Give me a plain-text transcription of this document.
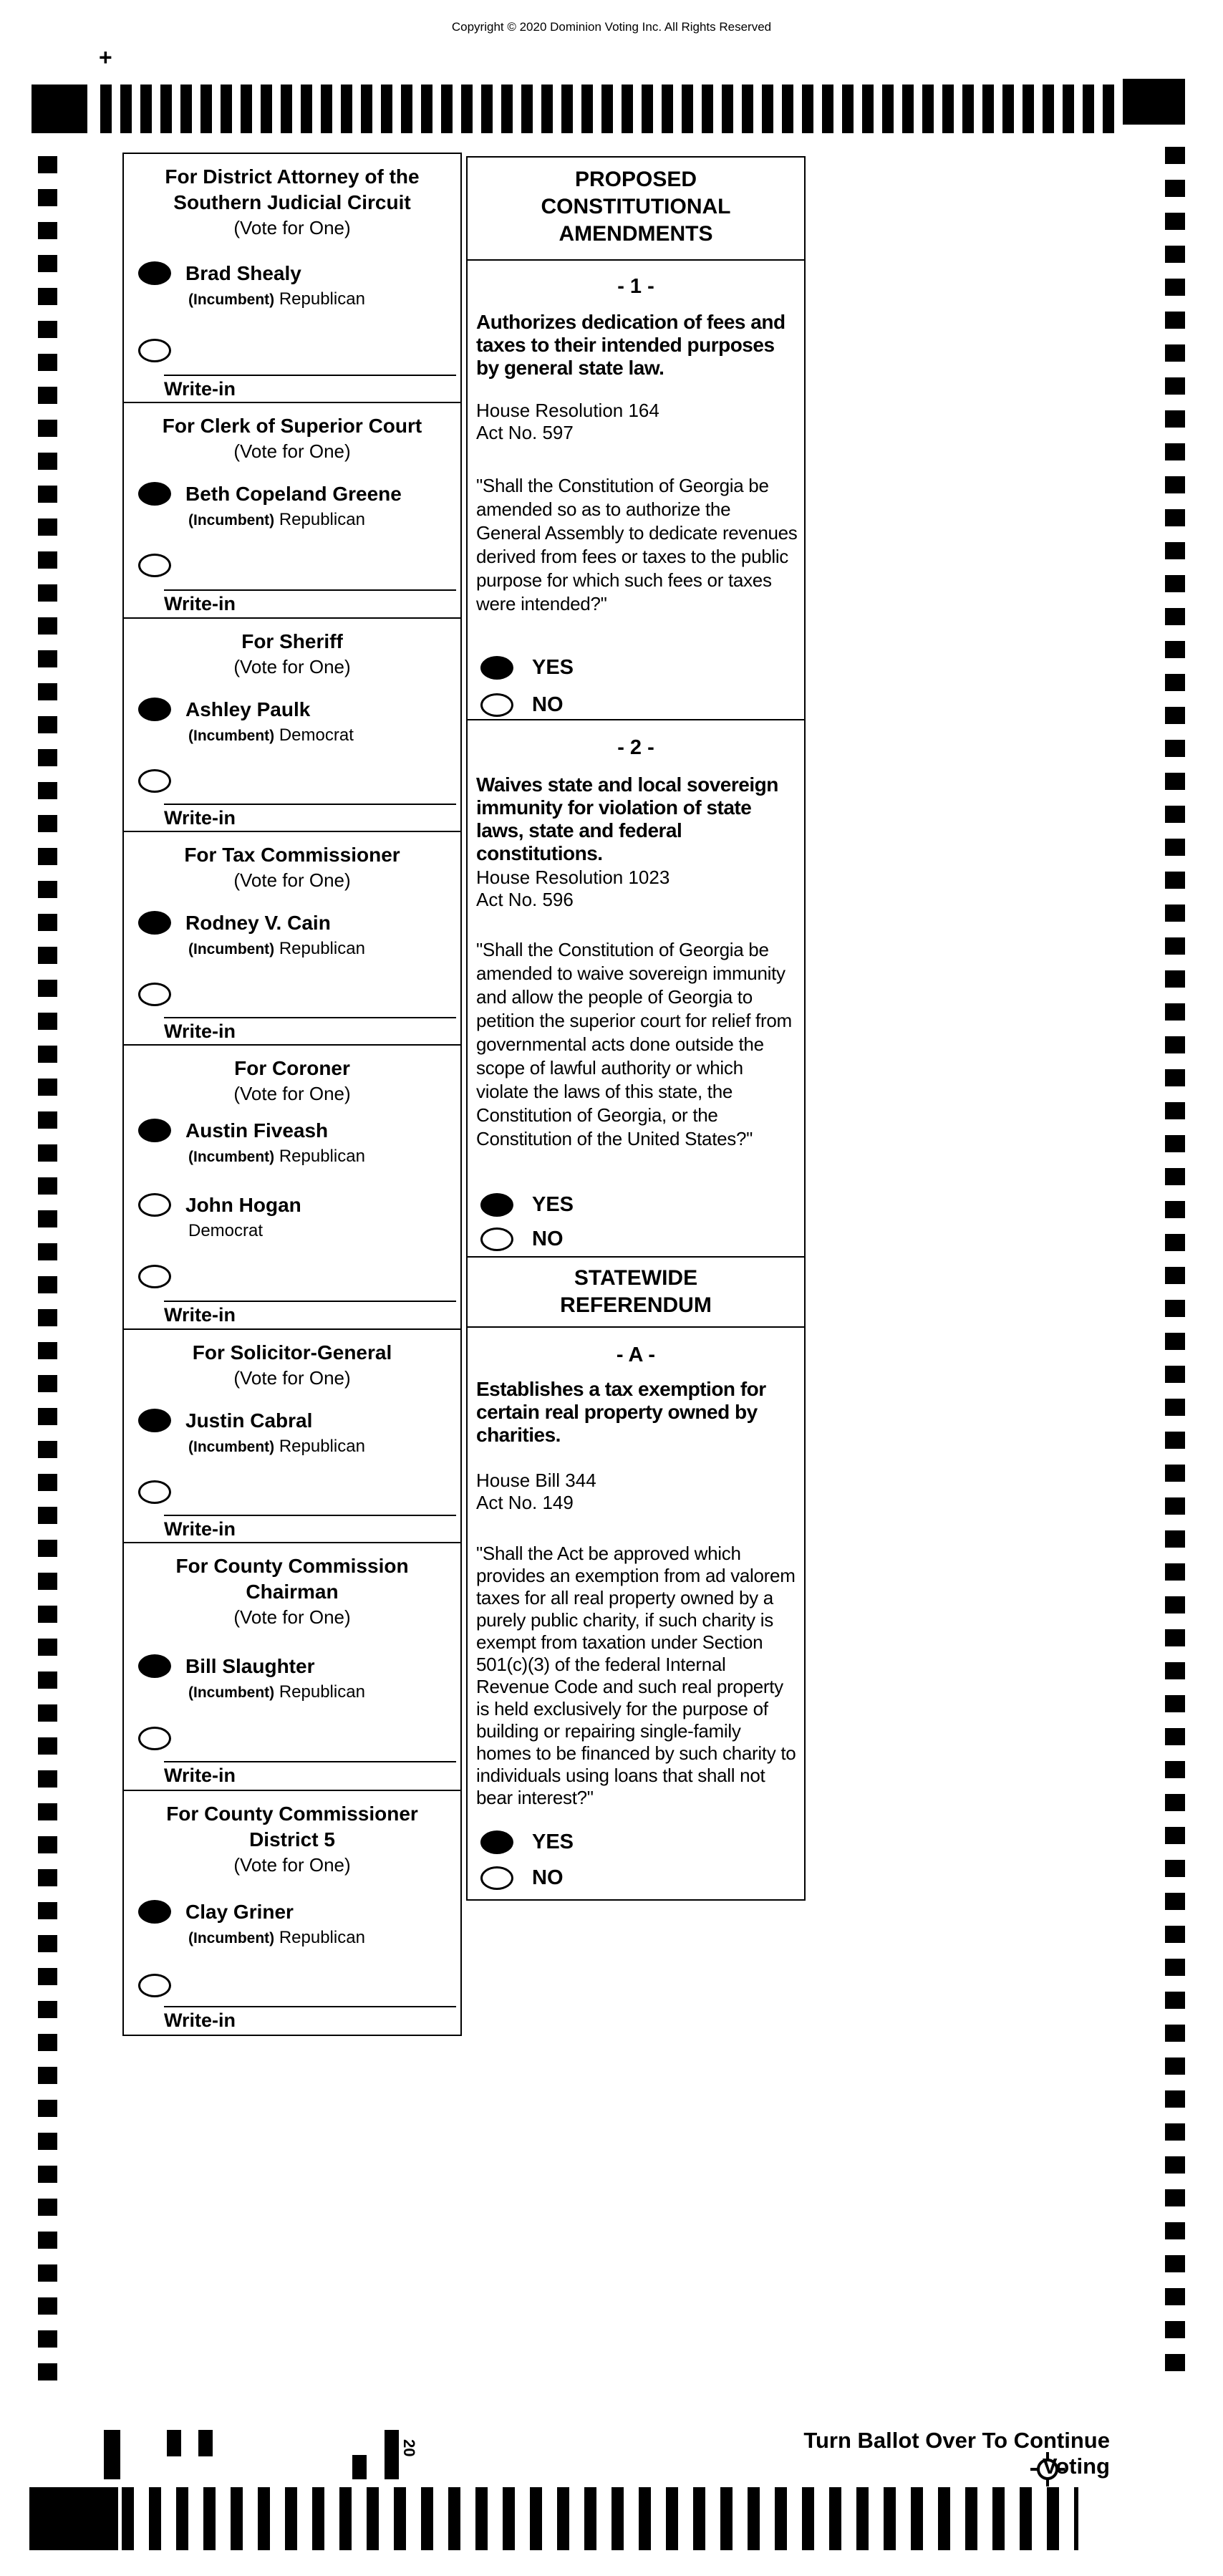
Copyright © 2020 Dominion Voting Inc. All Rights Reserved
+
For District Attorney of the
Southern Judicial Circuit
(Vote for One)
Brad Shealy
(Incumbent) Republican
Write-in
For Clerk of Superior Court
(Vote for One)
Beth Copeland Greene
(Incumbent) Republican
Write-in
For Sheriff
(Vote for One)
Ashley Paulk
(Incumbent) Democrat
Write-in
For Tax Commissioner
(Vote for One)
Rodney V. Cain
(Incumbent) Republican
Write-in
For Coroner
(Vote for One)
Austin Fiveash
(Incumbent) Republican
John Hogan
Democrat
Write-in
For Solicitor-General
(Vote for One)
Justin Cabral
(Incumbent) Republican
Write-in
For County Commission
Chairman
(Vote for One)
Bill Slaughter
(Incumbent) Republican
Write-in
For County Commissioner
District 5
(Vote for One)
Clay Griner
(Incumbent) Republican
Write-in
PROPOSED
CONSTITUTIONAL
AMENDMENTS
- 1 -
Authorizes dedication of fees and taxes to their intended purposes by general state law.
House Resolution 164
Act No. 597
"Shall the Constitution of Georgia be amended so as to authorize the General Assembly to dedicate revenues derived from fees or taxes to the public purpose for which such fees or taxes were intended?"
YES
NO
- 2 -
Waives state and local sovereign immunity for violation of state laws, state and federal constitutions.
House Resolution 1023
Act No. 596
"Shall the Constitution of Georgia be amended to waive sovereign immunity and allow the people of Georgia to petition the superior court for relief from governmental acts done outside the scope of lawful authority or which violate the laws of this state, the Constitution of Georgia, or the Constitution of the United States?"
YES
NO
STATEWIDE
REFERENDUM
- A -
Establishes a tax exemption for certain real property owned by charities.
House Bill 344
Act No. 149
"Shall the Act be approved which provides an exemption from ad valorem taxes for all real property owned by a purely public charity, if such charity is exempt from taxation under Section 501(c)(3) of the federal Internal Revenue Code and such real property is held exclusively for the purpose of building or repairing single-family homes to be financed by such charity to individuals using loans that shall not bear interest?"
YES
NO
20	Turn Ballot Over To Continue Voting
